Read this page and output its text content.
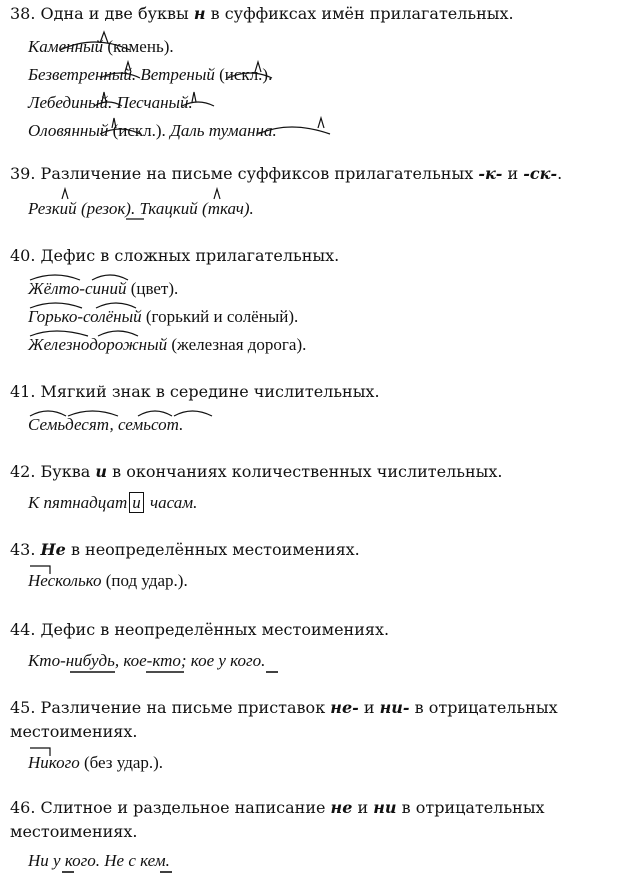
38. Одна и две буквы н в суффиксах имён прилагательных.
Каменный (камень).
Безветренный. Ветреный (искл.).
Лебединый. Песчаный.
Оловянный (искл.). Даль туманна.
39. Различение на письме суффиксов прилагательных -к- и -ск-.
Резкий (резок). Ткацкий (ткач).
40. Дефис в сложных прилагательных.
Жёлто-синий (цвет).
Горько-солёный (горький и солёный).
Железнодорожный (железная дорога).
41. Мягкий знак в середине числительных.
Семьдесят, семьсот.
42. Буква и в окончаниях количественных числительных.
К пятнадцат и часам.
43. Не в неопределённых местоимениях.
Несколько (под удар.).
44. Дефис в неопределённых местоимениях.
Кто-нибудь, кое-кто; кое у кого.
45. Различение на письме приставок не- и ни- в отрицательных местоимениях.
Никого (без удар.).
46. Слитное и раздельное написание не и ни в отрицательных местоимениях.
Ни у кого. Не с кем.
